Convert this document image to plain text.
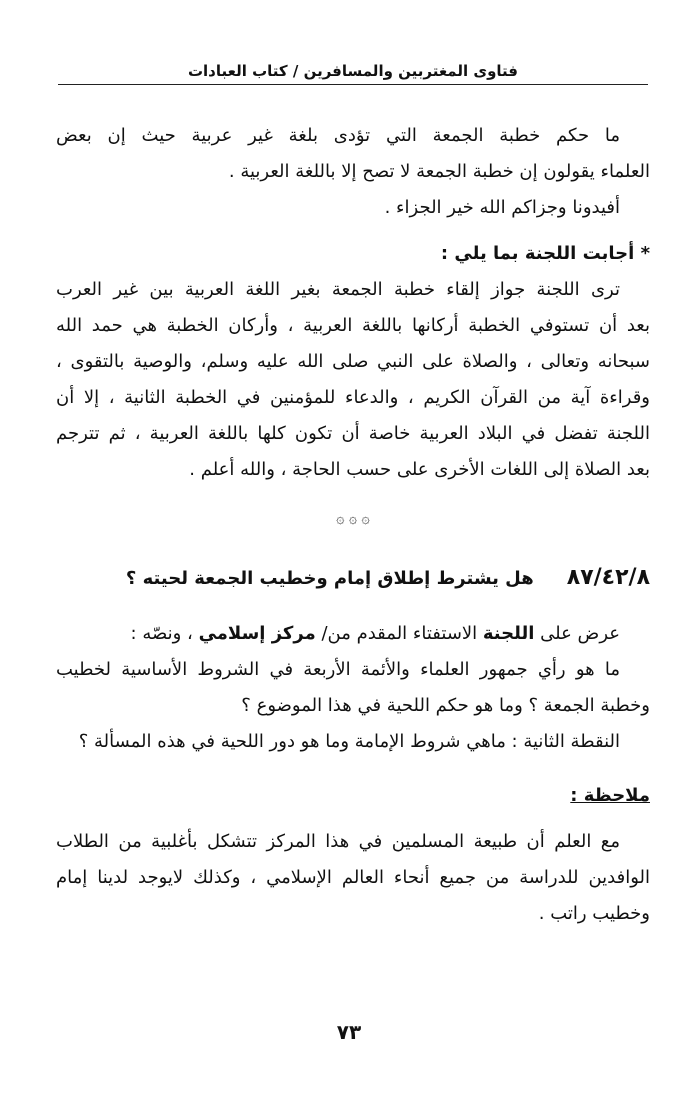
فتاوى المغتربين والمسافرين / كتاب العبادات
ما حكم خطبة الجمعة التي تؤدى بلغة غير عربية حيث إن بعض
العلماء يقولون إن خطبة الجمعة لا تصح إلا باللغة العربية .
أفيدونا وجزاكم الله خير الجزاء .
* أجابت اللجنة بما يلي :
ترى اللجنة جواز إلقاء خطبة الجمعة بغير اللغة العربية بين غير العرب
بعد أن تستوفي الخطبة أركانها باللغة العربية ، وأركان الخطبة هي حمد الله
سبحانه وتعالى ، والصلاة على النبي صلى الله عليه وسلم، والوصية بالتقوى ،
وقراءة آية من القرآن الكريم ، والدعاء للمؤمنين في الخطبة الثانية ، إلا أن
اللجنة تفضل في البلاد العربية خاصة أن تكون كلها باللغة العربية ، ثم تترجم
بعد الصلاة إلى اللغات الأخرى على حسب الحاجة ، والله أعلم .
۞ ۞ ۞
٨٧/٤٢/٨ هل يشترط إطلاق إمام وخطيب الجمعة لحيته ؟
عرض على اللجنة الاستفتاء المقدم من/ مركز إسلامي ، ونصّه :
ما هو رأي جمهور العلماء والأئمة الأربعة في الشروط الأساسية لخطيب
وخطبة الجمعة ؟ وما هو حكم اللحية في هذا الموضوع ؟
النقطة الثانية : ماهي شروط الإمامة وما هو دور اللحية في هذه المسألة ؟
ملاحظة :
مع العلم أن طبيعة المسلمين في هذا المركز تتشكل بأغلبية من الطلاب
الوافدين للدراسة من جميع أنحاء العالم الإسلامي ، وكذلك لايوجد لدينا إمام
وخطيب راتب .
٧٣
